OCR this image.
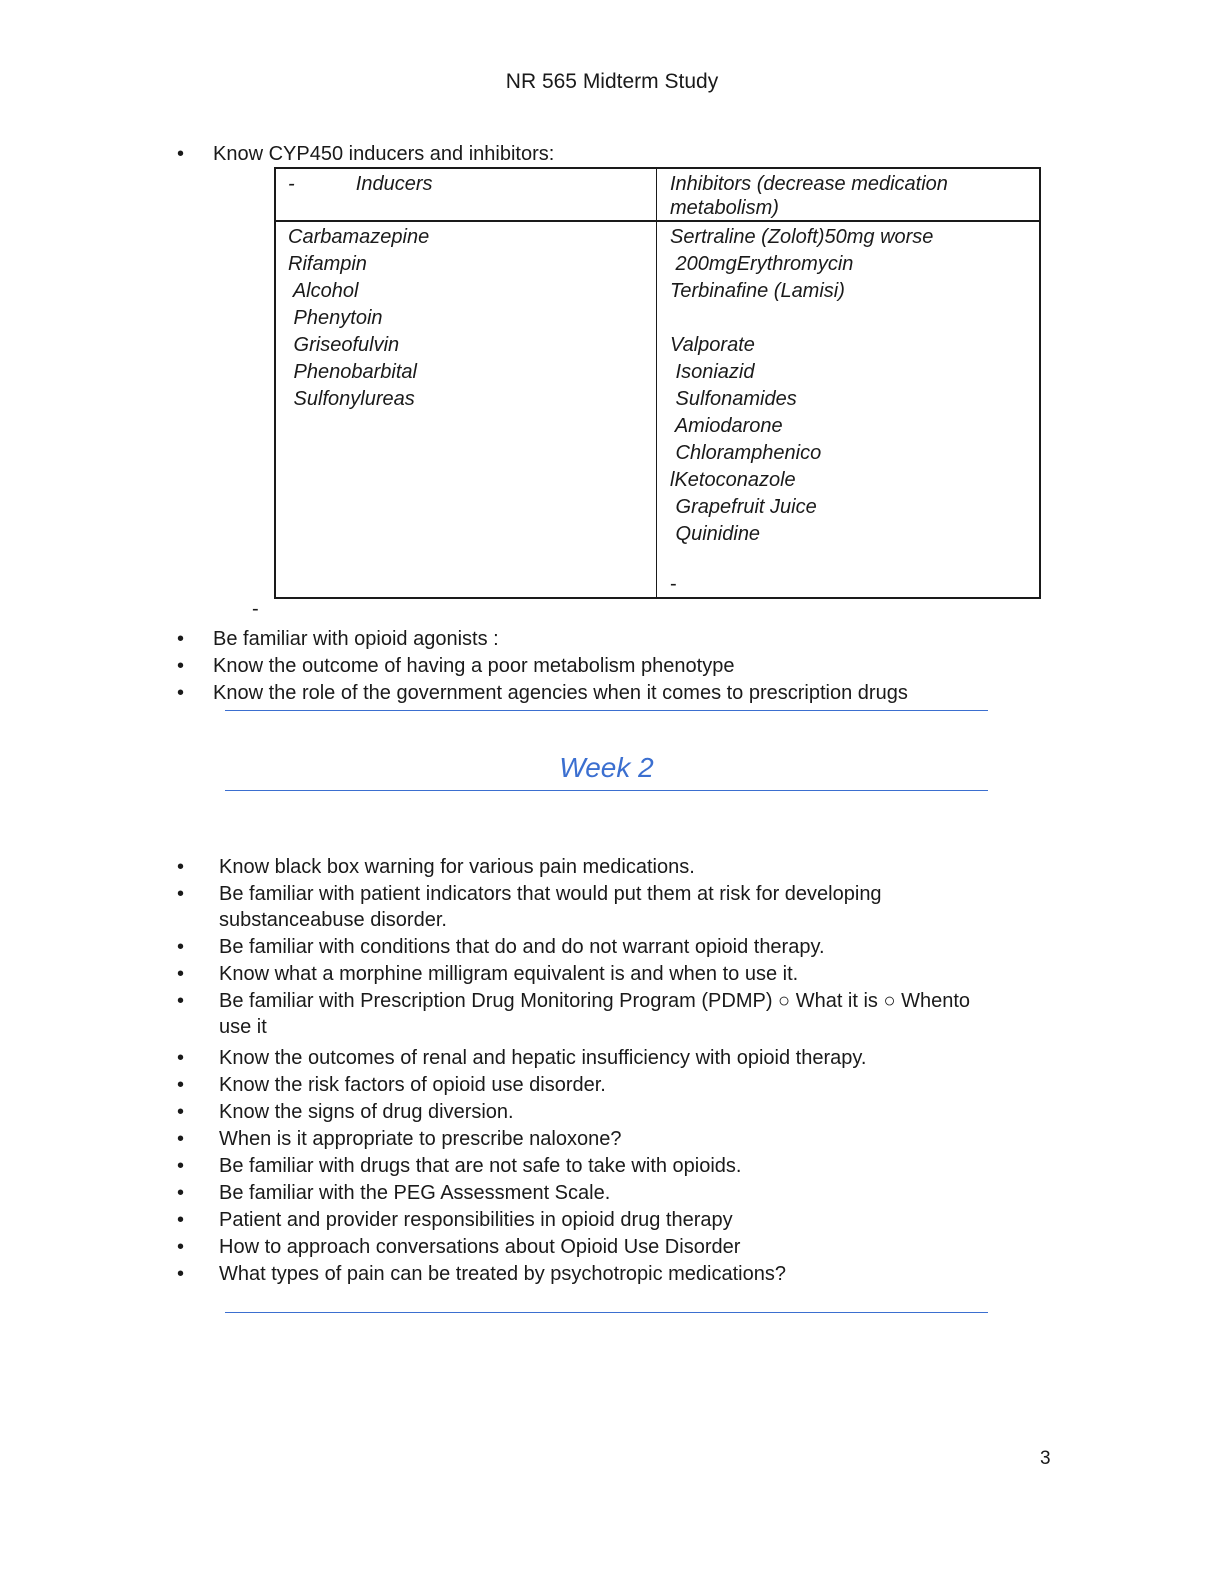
NR 565 Midterm Study
• Know CYP450 inducers and inhibitors:
-           Inducers	Inhibitors (decrease medication
metabolism)
Carbamazepine
Rifampin
Alcohol
Phenytoin
Griseofulvin
Phenobarbital
Sulfonylureas
Sertraline (Zoloft)50mg worse
200mgErythromycin
Terbinafine (Lamisi)

Valporate
Isoniazid
Sulfonamides
Amiodarone
Chloramphenico
lKetoconazole
Grapefruit Juice
Quinidine
-
-
• Be familiar with opioid agonists :
• Know the outcome of having a poor metabolism phenotype
• Know the role of the government agencies when it comes to prescription drugs
Week 2
• Know black box warning for various pain medications.
• Be familiar with patient indicators that would put them at risk for developing substanceabuse disorder.
• Be familiar with conditions that do and do not warrant opioid therapy.
• Know what a morphine milligram equivalent is and when to use it.
• Be familiar with Prescription Drug Monitoring Program (PDMP) ○ What it is ○ Whento use it
• Know the outcomes of renal and hepatic insufficiency with opioid therapy.
• Know the risk factors of opioid use disorder.
• Know the signs of drug diversion.
• When is it appropriate to prescribe naloxone?
• Be familiar with drugs that are not safe to take with opioids.
• Be familiar with the PEG Assessment Scale.
• Patient and provider responsibilities in opioid drug therapy
• How to approach conversations about Opioid Use Disorder
• What types of pain can be treated by psychotropic medications?
3
